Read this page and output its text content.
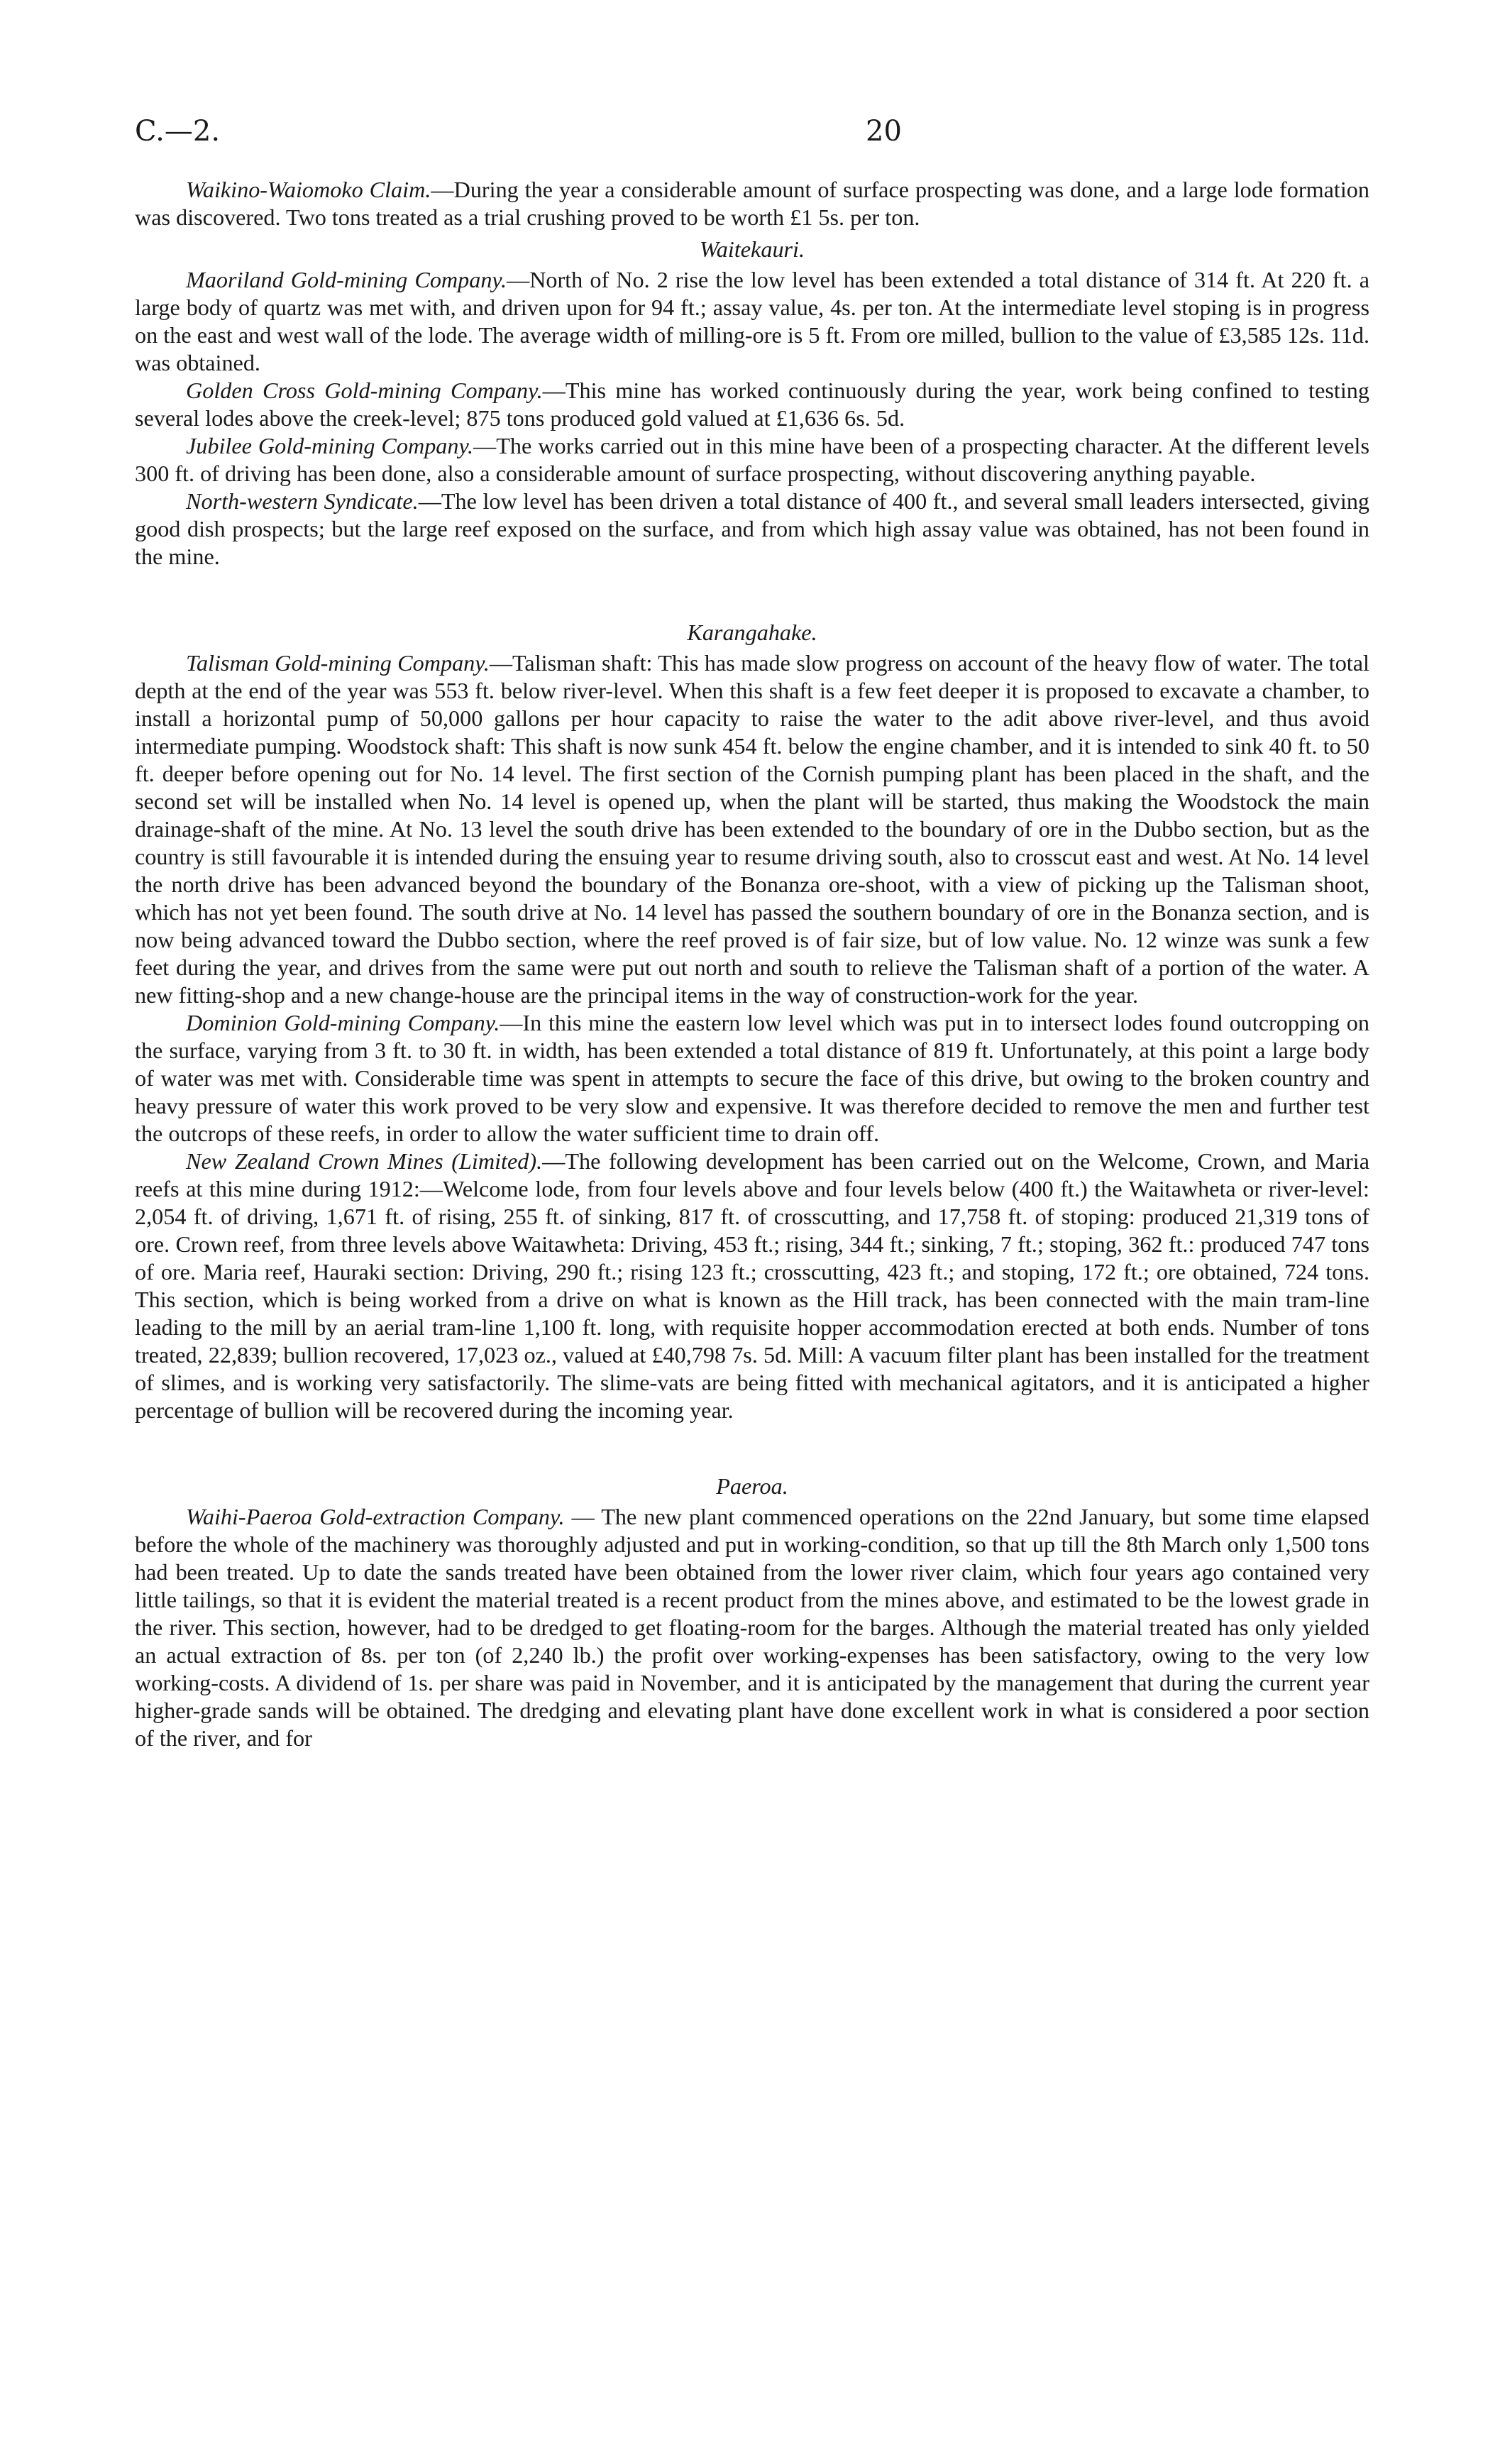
C.—2.	20

Waikino-Waiomoko Claim.—During the year a considerable amount of surface prospecting was done, and a large lode formation was discovered. Two tons treated as a trial crushing proved to be worth £1 5s. per ton.

Waitekauri.

Maoriland Gold-mining Company.—North of No. 2 rise the low level has been extended a total distance of 314 ft. At 220 ft. a large body of quartz was met with, and driven upon for 94 ft.; assay value, 4s. per ton. At the intermediate level stoping is in progress on the east and west wall of the lode. The average width of milling-ore is 5 ft. From ore milled, bullion to the value of £3,585 12s. 11d. was obtained.

Golden Cross Gold-mining Company.—This mine has worked continuously during the year, work being confined to testing several lodes above the creek-level; 875 tons produced gold valued at £1,636 6s. 5d.

Jubilee Gold-mining Company.—The works carried out in this mine have been of a prospecting character. At the different levels 300 ft. of driving has been done, also a considerable amount of surface prospecting, without discovering anything payable.

North-western Syndicate.—The low level has been driven a total distance of 400 ft., and several small leaders intersected, giving good dish prospects; but the large reef exposed on the surface, and from which high assay value was obtained, has not been found in the mine.

Karangahake.

Talisman Gold-mining Company.—Talisman shaft: This has made slow progress on account of the heavy flow of water. The total depth at the end of the year was 553 ft. below river-level. When this shaft is a few feet deeper it is proposed to excavate a chamber, to install a horizontal pump of 50,000 gallons per hour capacity to raise the water to the adit above river-level, and thus avoid intermediate pumping. Woodstock shaft: This shaft is now sunk 454 ft. below the engine chamber, and it is intended to sink 40 ft. to 50 ft. deeper before opening out for No. 14 level. The first section of the Cornish pumping plant has been placed in the shaft, and the second set will be installed when No. 14 level is opened up, when the plant will be started, thus making the Woodstock the main drainage-shaft of the mine. At No. 13 level the south drive has been extended to the boundary of ore in the Dubbo section, but as the country is still favourable it is intended during the ensuing year to resume driving south, also to crosscut east and west. At No. 14 level the north drive has been advanced beyond the boundary of the Bonanza ore-shoot, with a view of picking up the Talisman shoot, which has not yet been found. The south drive at No. 14 level has passed the southern boundary of ore in the Bonanza section, and is now being advanced toward the Dubbo section, where the reef proved is of fair size, but of low value. No. 12 winze was sunk a few feet during the year, and drives from the same were put out north and south to relieve the Talisman shaft of a portion of the water. A new fitting-shop and a new change-house are the principal items in the way of construction-work for the year.

Dominion Gold-mining Company.—In this mine the eastern low level which was put in to intersect lodes found outcropping on the surface, varying from 3 ft. to 30 ft. in width, has been extended a total distance of 819 ft. Unfortunately, at this point a large body of water was met with. Considerable time was spent in attempts to secure the face of this drive, but owing to the broken country and heavy pressure of water this work proved to be very slow and expensive. It was therefore decided to remove the men and further test the outcrops of these reefs, in order to allow the water sufficient time to drain off.

New Zealand Crown Mines (Limited).—The following development has been carried out on the Welcome, Crown, and Maria reefs at this mine during 1912:—Welcome lode, from four levels above and four levels below (400 ft.) the Waitawheta or river-level: 2,054 ft. of driving, 1,671 ft. of rising, 255 ft. of sinking, 817 ft. of crosscutting, and 17,758 ft. of stoping: produced 21,319 tons of ore. Crown reef, from three levels above Waitawheta: Driving, 453 ft.; rising, 344 ft.; sinking, 7 ft.; stoping, 362 ft.: produced 747 tons of ore. Maria reef, Hauraki section: Driving, 290 ft.; rising 123 ft.; crosscutting, 423 ft.; and stoping, 172 ft.; ore obtained, 724 tons. This section, which is being worked from a drive on what is known as the Hill track, has been connected with the main tram-line leading to the mill by an aerial tram-line 1,100 ft. long, with requisite hopper accommodation erected at both ends. Number of tons treated, 22,839; bullion recovered, 17,023 oz., valued at £40,798 7s. 5d. Mill: A vacuum filter plant has been installed for the treatment of slimes, and is working very satisfactorily. The slime-vats are being fitted with mechanical agitators, and it is anticipated a higher percentage of bullion will be recovered during the incoming year.

Paeroa.

Waihi-Paeroa Gold-extraction Company. — The new plant commenced operations on the 22nd January, but some time elapsed before the whole of the machinery was thoroughly adjusted and put in working-condition, so that up till the 8th March only 1,500 tons had been treated. Up to date the sands treated have been obtained from the lower river claim, which four years ago contained very little tailings, so that it is evident the material treated is a recent product from the mines above, and estimated to be the lowest grade in the river. This section, however, had to be dredged to get floating-room for the barges. Although the material treated has only yielded an actual extraction of 8s. per ton (of 2,240 lb.) the profit over working-expenses has been satisfactory, owing to the very low working-costs. A dividend of 1s. per share was paid in November, and it is anticipated by the management that during the current year higher-grade sands will be obtained. The dredging and elevating plant have done excellent work in what is considered a poor section of the river, and for
